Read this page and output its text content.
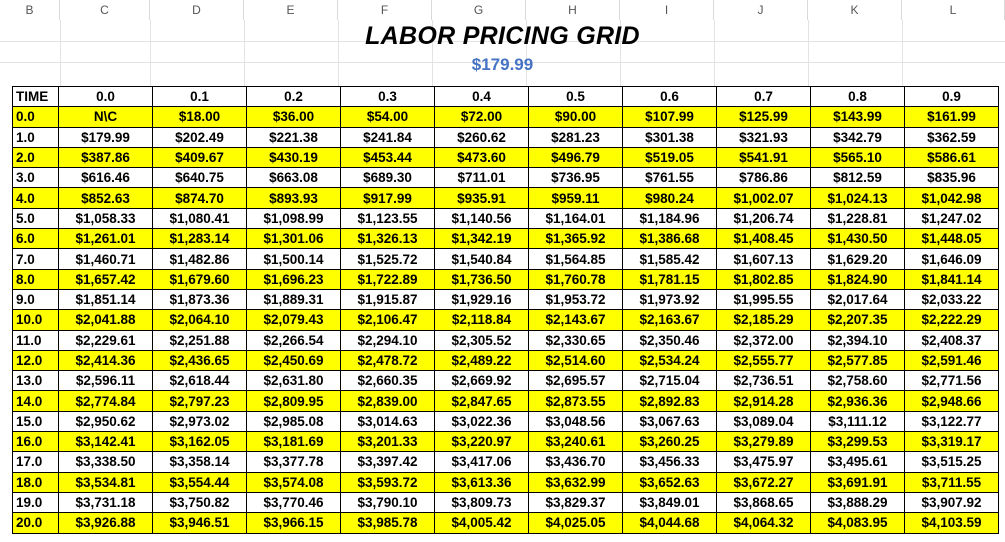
B	C	D	E	F	G	H	I	J	K	L
LABOR PRICING GRID
$179.99
TIME	0.0	0.1	0.2	0.3	0.4	0.5	0.6	0.7	0.8	0.9
0.0	N\C	$18.00	$36.00	$54.00	$72.00	$90.00	$107.99	$125.99	$143.99	$161.99
1.0	$179.99	$202.49	$221.38	$241.84	$260.62	$281.23	$301.38	$321.93	$342.79	$362.59
2.0	$387.86	$409.67	$430.19	$453.44	$473.60	$496.79	$519.05	$541.91	$565.10	$586.61
3.0	$616.46	$640.75	$663.08	$689.30	$711.01	$736.95	$761.55	$786.86	$812.59	$835.96
4.0	$852.63	$874.70	$893.93	$917.99	$935.91	$959.11	$980.24	$1,002.07	$1,024.13	$1,042.98
5.0	$1,058.33	$1,080.41	$1,098.99	$1,123.55	$1,140.56	$1,164.01	$1,184.96	$1,206.74	$1,228.81	$1,247.02
6.0	$1,261.01	$1,283.14	$1,301.06	$1,326.13	$1,342.19	$1,365.92	$1,386.68	$1,408.45	$1,430.50	$1,448.05
7.0	$1,460.71	$1,482.86	$1,500.14	$1,525.72	$1,540.84	$1,564.85	$1,585.42	$1,607.13	$1,629.20	$1,646.09
8.0	$1,657.42	$1,679.60	$1,696.23	$1,722.89	$1,736.50	$1,760.78	$1,781.15	$1,802.85	$1,824.90	$1,841.14
9.0	$1,851.14	$1,873.36	$1,889.31	$1,915.87	$1,929.16	$1,953.72	$1,973.92	$1,995.55	$2,017.64	$2,033.22
10.0	$2,041.88	$2,064.10	$2,079.43	$2,106.47	$2,118.84	$2,143.67	$2,163.67	$2,185.29	$2,207.35	$2,222.29
11.0	$2,229.61	$2,251.88	$2,266.54	$2,294.10	$2,305.52	$2,330.65	$2,350.46	$2,372.00	$2,394.10	$2,408.37
12.0	$2,414.36	$2,436.65	$2,450.69	$2,478.72	$2,489.22	$2,514.60	$2,534.24	$2,555.77	$2,577.85	$2,591.46
13.0	$2,596.11	$2,618.44	$2,631.80	$2,660.35	$2,669.92	$2,695.57	$2,715.04	$2,736.51	$2,758.60	$2,771.56
14.0	$2,774.84	$2,797.23	$2,809.95	$2,839.00	$2,847.65	$2,873.55	$2,892.83	$2,914.28	$2,936.36	$2,948.66
15.0	$2,950.62	$2,973.02	$2,985.08	$3,014.63	$3,022.36	$3,048.56	$3,067.63	$3,089.04	$3,111.12	$3,122.77
16.0	$3,142.41	$3,162.05	$3,181.69	$3,201.33	$3,220.97	$3,240.61	$3,260.25	$3,279.89	$3,299.53	$3,319.17
17.0	$3,338.50	$3,358.14	$3,377.78	$3,397.42	$3,417.06	$3,436.70	$3,456.33	$3,475.97	$3,495.61	$3,515.25
18.0	$3,534.81	$3,554.44	$3,574.08	$3,593.72	$3,613.36	$3,632.99	$3,652.63	$3,672.27	$3,691.91	$3,711.55
19.0	$3,731.18	$3,750.82	$3,770.46	$3,790.10	$3,809.73	$3,829.37	$3,849.01	$3,868.65	$3,888.29	$3,907.92
20.0	$3,926.88	$3,946.51	$3,966.15	$3,985.78	$4,005.42	$4,025.05	$4,044.68	$4,064.32	$4,083.95	$4,103.59
